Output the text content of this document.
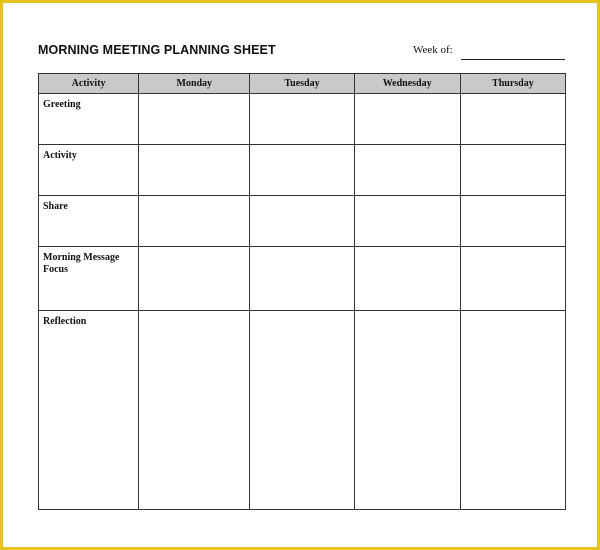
MORNING MEETING PLANNING SHEET	Week of:
Activity	Monday	Tuesday	Wednesday	Thursday
Greeting				
Activity				
Share				
Morning Message Focus				
Reflection				
